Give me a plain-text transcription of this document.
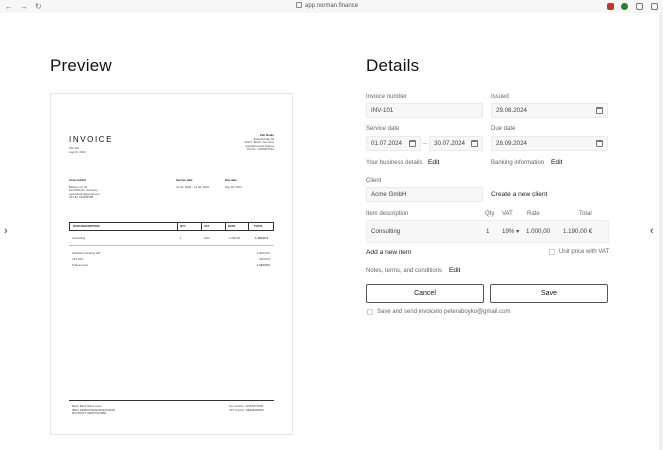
← → ↻	app.norman.finance
›	‹
Preview	Details
INVOICE
INV-101
Aug 01, 2024
Petr Boiko
Suarezstraße 18
10177, Berlin, Germany
peter@norman.finance
Phone: +4915227561
Acme GmbH
Berliner str. 18
10178 Berlin, Germany
peteraboyko@gmail.com
VAT ID: 123456789
Service date
Jul 01, 2024 - Jul 30, 2024
Due date
Sep 28, 2024
ITEM DESCRIPTION	QTY	VAT	RATE	TOTAL
Consulting	1	19%	1.000,00	1.190,00 €
Subtotal excluding VAT	1.000,00 €
VAT 19%	190,00 €
Total amount	1.190,00 €
Bank: Bank Name Here
IBAN: DE89370400440532013000
BIC/SWIFT: DEMITNUMBR
Tax number: 1234/5678789
VAT number: DE999999999
Invoice number
INV-101
Issued
29.08.2024
Service date
01.07.2024	–	30.07.2024
Due date
28.09.2024
Your business details Edit	Banking information Edit
Client
Acme GmbH	Create a new client
Item description	Qty VAT Rate	Total
Consulting	1 19% ▾ 1.000,00 1.190,00 €
Add a new item	Unit price with VAT
Notes, terms, and conditions Edit
Cancel	Save
Save and send invoiceto peteraboyko@gmail.com
